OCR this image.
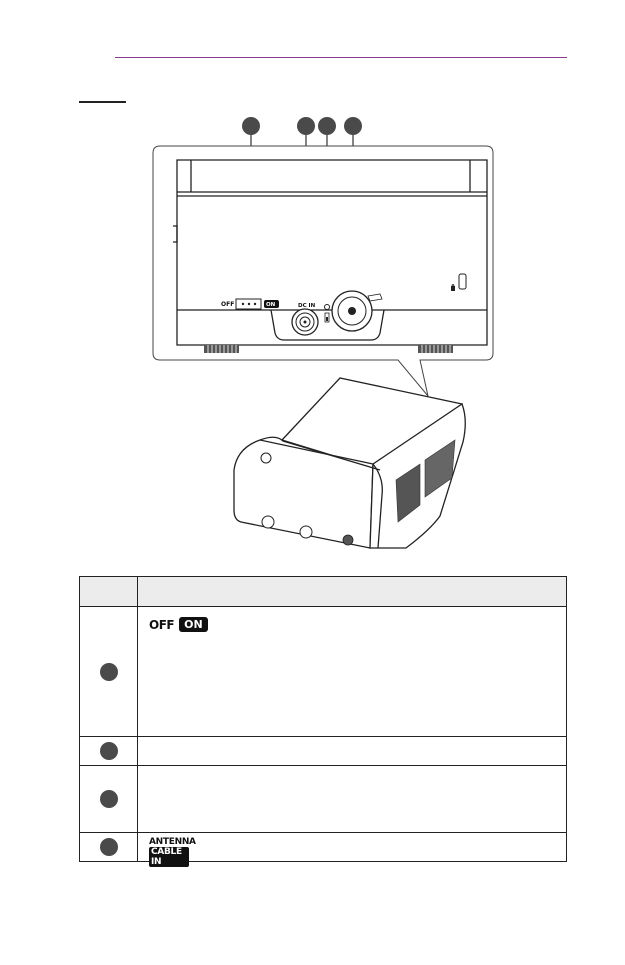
OFF	ON	DC IN

	OFF ON

	ANTENNA
CABLE IN
